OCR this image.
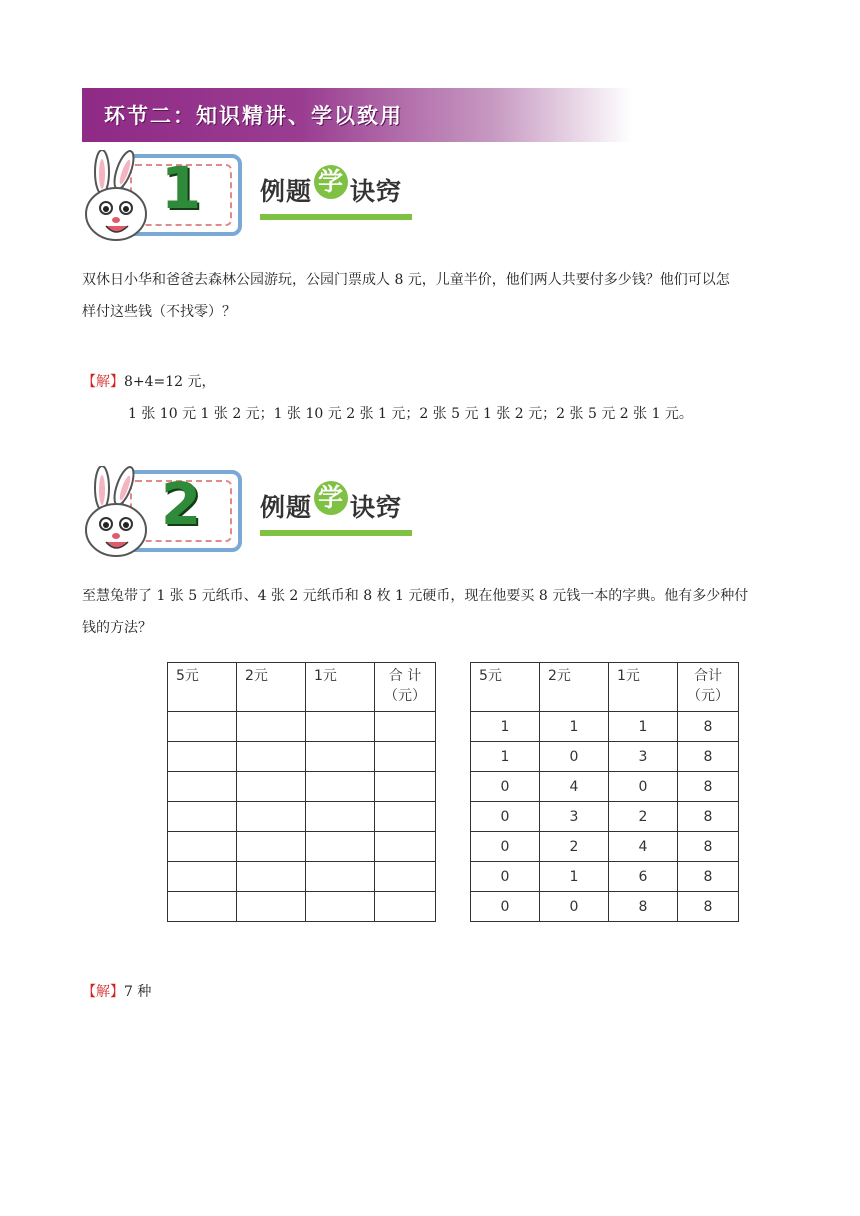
环节二：知识精讲、学以致用
1	例题 学 诀窍
双休日小华和爸爸去森林公园游玩，公园门票成人 8 元，儿童半价，他们两人共要付多少钱？他们可以怎
样付这些钱（不找零）？
【解】8+4=12 元，
1 张 10 元 1 张 2 元；1 张 10 元 2 张 1 元；2 张 5 元 1 张 2 元；2 张 5 元 2 张 1 元。
2	例题 学 诀窍
至慧兔带了 1 张 5 元纸币、4 张 2 元纸币和 8 枚 1 元硬币，现在他要买 8 元钱一本的字典。他有多少种付
钱的方法？
5元	2元	1元	合 计
（元）

5元	2元	1元	合计
（元）
1	1	1	8
1	0	3	8
0	4	0	8
0	3	2	8
0	2	4	8
0	1	6	8
0	0	8	8
【解】7 种
